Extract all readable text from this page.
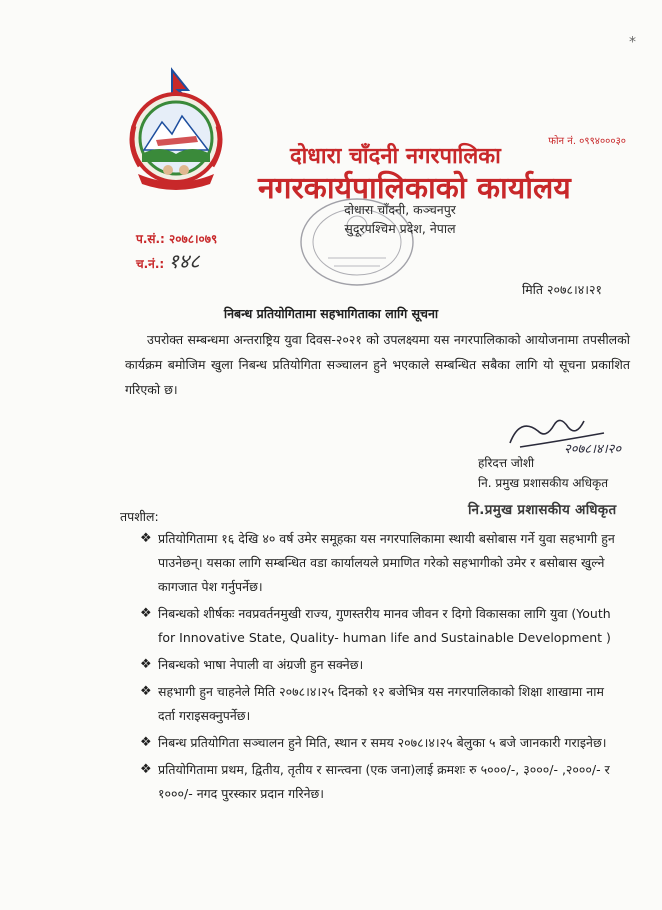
⁎
फोन नं. ०९९४०००३०
दोधारा चाँदनी नगरपालिका
नगरकार्यपालिकाको कार्यालय
दोधारा चाँदनी, कञ्चनपुर
सुदूरपश्चिम प्रदेश, नेपाल
प.सं.: २०७८।०७९
च.नं.: १४८
मिति २०७८।४।२१
निबन्ध प्रतियोगितामा सहभागिताका लागि सूचना
उपरोक्त सम्बन्धमा अन्तराष्ट्रिय युवा दिवस-२०२१ को उपलक्ष्यमा यस नगरपालिकाको आयोजनामा तपसीलको कार्यक्रम बमोजिम खुला निबन्ध प्रतियोगिता सञ्चालन हुने भएकाले सम्बन्धित सबैका लागि यो सूचना प्रकाशित गरिएको छ।
२०७८।४।२०
हरिदत्त जोशी
नि. प्रमुख प्रशासकीय अधिकृत
तपशील:	नि.प्रमुख प्रशासकीय अधिकृत
❖ प्रतियोगितामा १६ देखि ४० वर्ष उमेर समूहका यस नगरपालिकामा स्थायी बसोबास गर्ने युवा सहभागी हुन पाउनेछन्। यसका लागि सम्बन्धित वडा कार्यालयले प्रमाणित गरेको सहभागीको उमेर र बसोबास खुल्ने कागजात पेश गर्नुपर्नेछ।
❖ निबन्धको शीर्षकः नवप्रवर्तनमुखी राज्य, गुणस्तरीय मानव जीवन र दिगो विकासका लागि युवा (Youth for Innovative State, Quality- human life and Sustainable Development )
❖ निबन्धको भाषा नेपाली वा अंग्रजी हुन सक्नेछ।
❖ सहभागी हुन चाहनेले मिति २०७८।४।२५ दिनको १२ बजेभित्र यस नगरपालिकाको शिक्षा शाखामा नाम दर्ता गराइसक्नुपर्नेछ।
❖ निबन्ध प्रतियोगिता सञ्चालन हुने मिति, स्थान र समय २०७८।४।२५ बेलुका ५ बजे जानकारी गराइनेछ।
❖ प्रतियोगितामा प्रथम, द्वितीय, तृतीय र सान्त्वना (एक जना)लाई क्रमशः रु ५०००/-, ३०००/- ,२०००/- र १०००/- नगद पुरस्कार प्रदान गरिनेछ।
